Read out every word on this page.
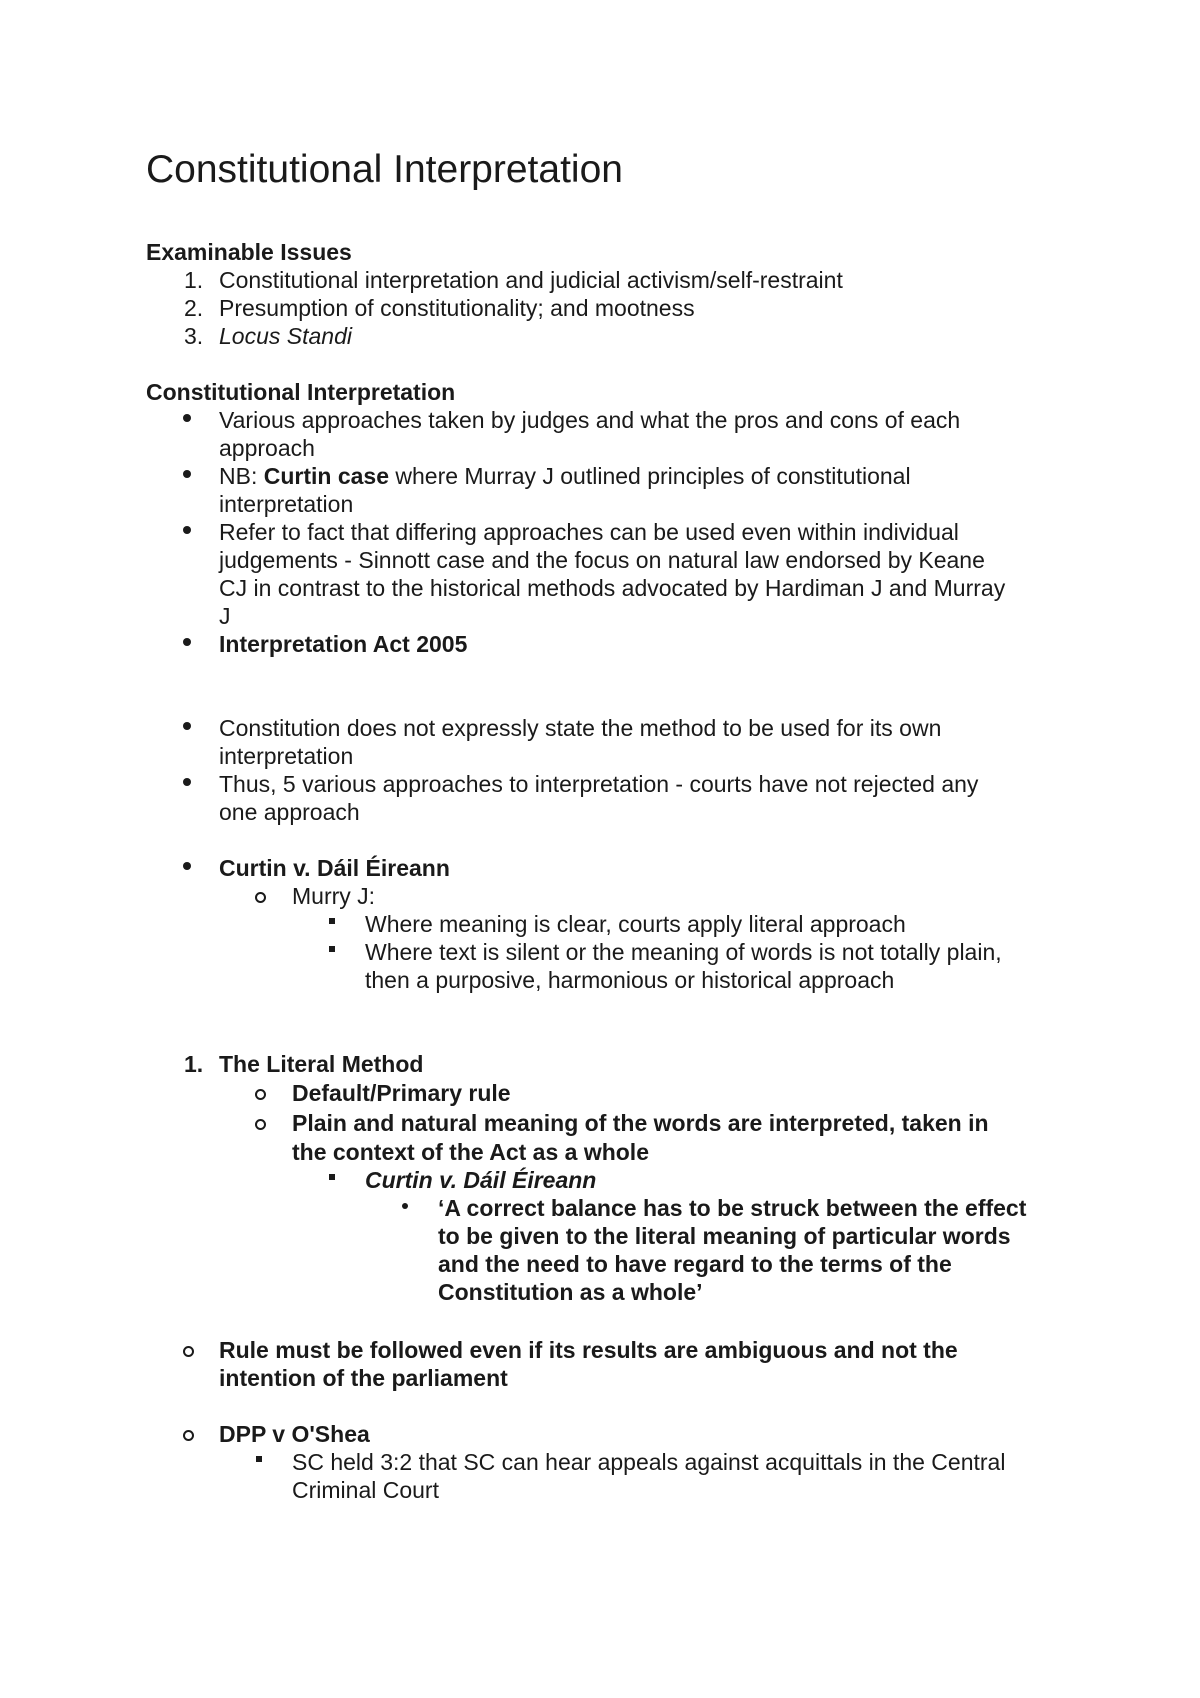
Constitutional Interpretation
Examinable Issues
1. Constitutional interpretation and judicial activism/self-restraint
2. Presumption of constitutionality; and mootness
3. Locus Standi
Constitutional Interpretation
Various approaches taken by judges and what the pros and cons of each
approach
NB: Curtin case where Murray J outlined principles of constitutional
interpretation
Refer to fact that differing approaches can be used even within individual
judgements - Sinnott case and the focus on natural law endorsed by Keane
CJ in contrast to the historical methods advocated by Hardiman J and Murray
J
Interpretation Act 2005
Constitution does not expressly state the method to be used for its own
interpretation
Thus, 5 various approaches to interpretation - courts have not rejected any
one approach
Curtin v. Dáil Éireann
Murry J:
Where meaning is clear, courts apply literal approach
Where text is silent or the meaning of words is not totally plain,
then a purposive, harmonious or historical approach
1. The Literal Method
Default/Primary rule
Plain and natural meaning of the words are interpreted, taken in
the context of the Act as a whole
Curtin v. Dáil Éireann
‘A correct balance has to be struck between the effect
to be given to the literal meaning of particular words
and the need to have regard to the terms of the
Constitution as a whole’
Rule must be followed even if its results are ambiguous and not the
intention of the parliament
DPP v O'Shea
SC held 3:2 that SC can hear appeals against acquittals in the Central
Criminal Court
